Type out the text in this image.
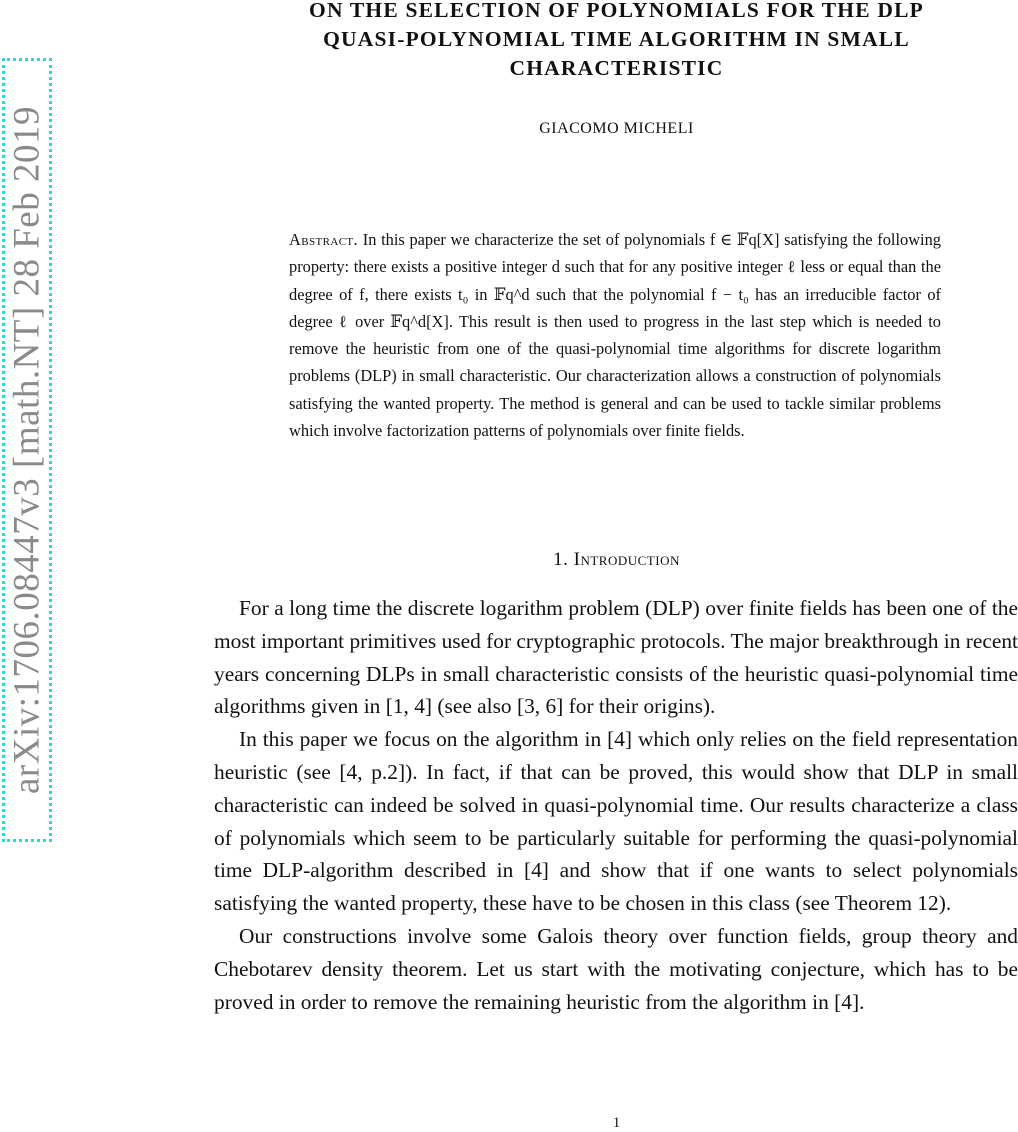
arXiv:1706.08447v3 [math.NT] 28 Feb 2019
ON THE SELECTION OF POLYNOMIALS FOR THE DLP
QUASI-POLYNOMIAL TIME ALGORITHM IN SMALL
CHARACTERISTIC
GIACOMO MICHELI
Abstract. In this paper we characterize the set of polynomials f ∈ 𝔽q[X] satisfying the following property: there exists a positive integer d such that for any positive integer ℓ less or equal than the degree of f, there exists t₀ in 𝔽q^d such that the polynomial f − t₀ has an irreducible factor of degree ℓ over 𝔽q^d[X]. This result is then used to progress in the last step which is needed to remove the heuristic from one of the quasi-polynomial time algorithms for discrete logarithm problems (DLP) in small characteristic. Our characterization allows a construction of polynomials satisfying the wanted property. The method is general and can be used to tackle similar problems which involve factorization patterns of polynomials over finite fields.
1. Introduction

For a long time the discrete logarithm problem (DLP) over finite fields has been one of the most important primitives used for cryptographic protocols. The major breakthrough in recent years concerning DLPs in small characteristic consists of the heuristic quasi-polynomial time algorithms given in [1, 4] (see also [3, 6] for their origins).

In this paper we focus on the algorithm in [4] which only relies on the field representation heuristic (see [4, p.2]). In fact, if that can be proved, this would show that DLP in small characteristic can indeed be solved in quasi-polynomial time. Our results characterize a class of polynomials which seem to be particularly suitable for performing the quasi-polynomial time DLP-algorithm described in [4] and show that if one wants to select polynomials satisfying the wanted property, these have to be chosen in this class (see Theorem 12).

Our constructions involve some Galois theory over function fields, group theory and Chebotarev density theorem. Let us start with the motivating conjecture, which has to be proved in order to remove the remaining heuristic from the algorithm in [4].

1
